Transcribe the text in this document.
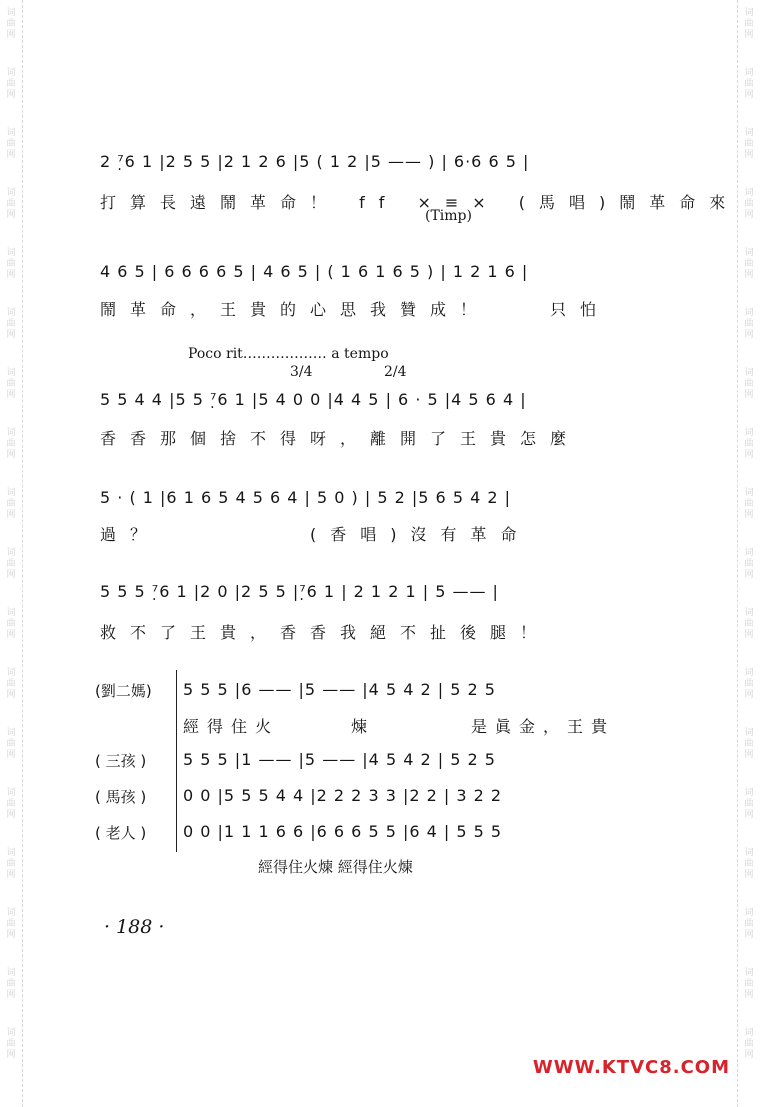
词曲网
词曲网
词曲网
词曲网
词曲网
词曲网
词曲网
词曲网
词曲网
词曲网
词曲网
词曲网
词曲网
词曲网
词曲网
词曲网
词曲网
词曲网
词曲网
词曲网
词曲网
词曲网
词曲网
词曲网
词曲网
词曲网
词曲网
词曲网
词曲网
词曲网
词曲网
词曲网
词曲网
词曲网
词曲网
词曲网
2 ⁷̣6 1 |2 5 5 |2 1 2 6 |5 ( 1 2 |5 —— ) | 6·6 6 5 |
打算長遠鬧革命！ ff ×≡× (馬唱)鬧革命來
(Timp)
4 6 5 | 6 6 6 6 5 | 4 6 5 | ( 1 6 1 6 5 ) | 1 2 1 6 |
鬧革命，王貴的心思我贊成！　　只怕
Poco rit……………… a tempo
3/4	2/4
5 5 4 4 |5 5 ⁷̣6 1 |5 4 0 0 |4 4 5 | 6 · 5 |4 5 6 4 |
香香那個捨不得呀，離開了王貴怎麼
5 · ( 1 |6 1 6 5 4 5 6 4 | 5 0 ) | 5 2 |5 6 5 4 2 |
過？　　　　　(香唱)沒有革命
5 5 5 ⁷̣6 1 |2 0 |2 5 5 |⁷̣6 1 | 2 1 2 1 | 5 —— |
救不了王貴，香香我絕不扯後腿！
(劉二媽)	5 5 5 |6 —— |5 —— |4 5 4 2 | 5 2 5
經得住火　　　煉　　　　是眞金，王貴
( 三孩 )	5 5 5 |1 —— |5 —— |4 5 4 2 | 5 2 5
( 馬孩 )	0 0 |5 5 5 4 4 |2 2 2 3 3 |2 2 | 3 2 2
( 老人 )	0 0 |1 1 1 6 6 |6 6 6 5 5 |6 4 | 5 5 5
經得住火煉 經得住火煉
· 188 ·
WWW.KTVC8.COM
